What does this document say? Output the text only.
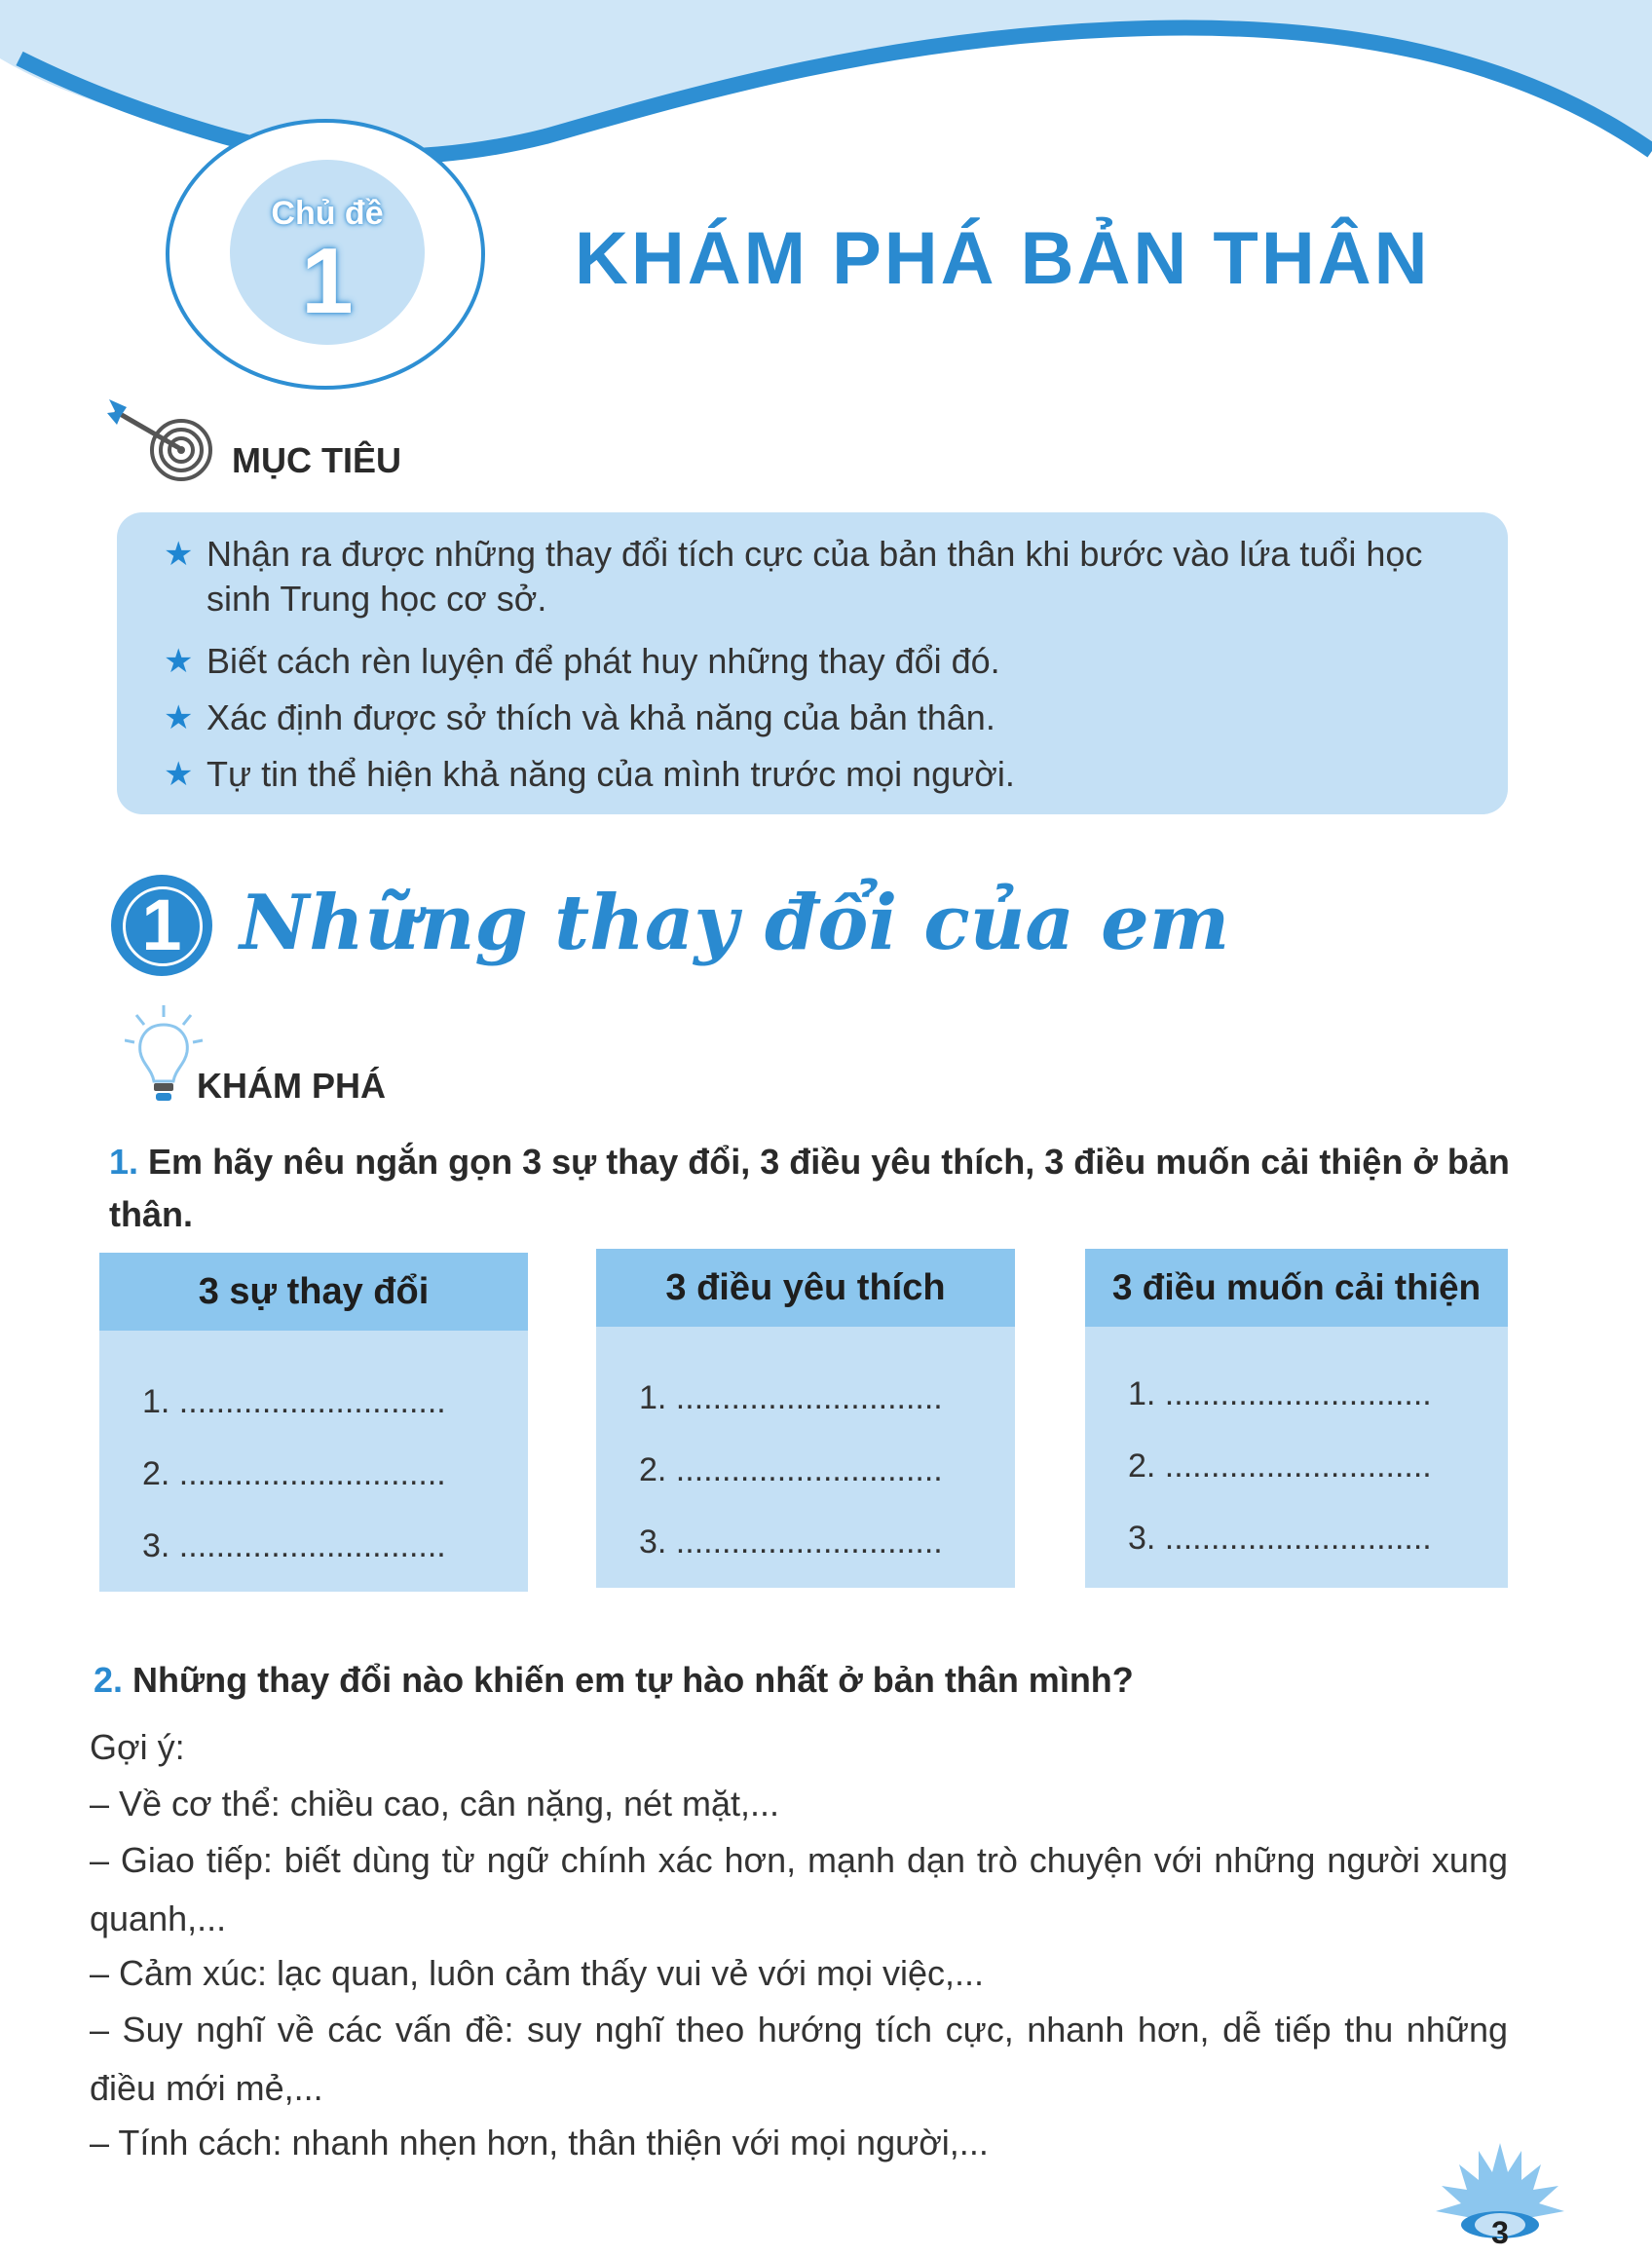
Chủ đề
1	KHÁM PHÁ BẢN THÂN
MỤC TIÊU
★ Nhận ra được những thay đổi tích cực của bản thân khi bước vào lứa tuổi học sinh Trung học cơ sở.
★ Biết cách rèn luyện để phát huy những thay đổi đó.
★ Xác định được sở thích và khả năng của bản thân.
★ Tự tin thể hiện khả năng của mình trước mọi người.
1 Những thay đổi của em
KHÁM PHÁ
1. Em hãy nêu ngắn gọn 3 sự thay đổi, 3 điều yêu thích, 3 điều muốn cải thiện ở bản thân.
3 sự thay đổi
1. .............................
2. .............................
3. .............................
3 điều yêu thích
1. .............................
2. .............................
3. .............................
3 điều muốn cải thiện
1. .............................
2. .............................
3. .............................
2. Những thay đổi nào khiến em tự hào nhất ở bản thân mình?
Gợi ý:
– Về cơ thể: chiều cao, cân nặng, nét mặt,...
– Giao tiếp: biết dùng từ ngữ chính xác hơn, mạnh dạn trò chuyện với những người xung quanh,...
– Cảm xúc: lạc quan, luôn cảm thấy vui vẻ với mọi việc,...
– Suy nghĩ về các vấn đề: suy nghĩ theo hướng tích cực, nhanh hơn, dễ tiếp thu những điều mới mẻ,...
– Tính cách: nhanh nhẹn hơn, thân thiện với mọi người,...
3
